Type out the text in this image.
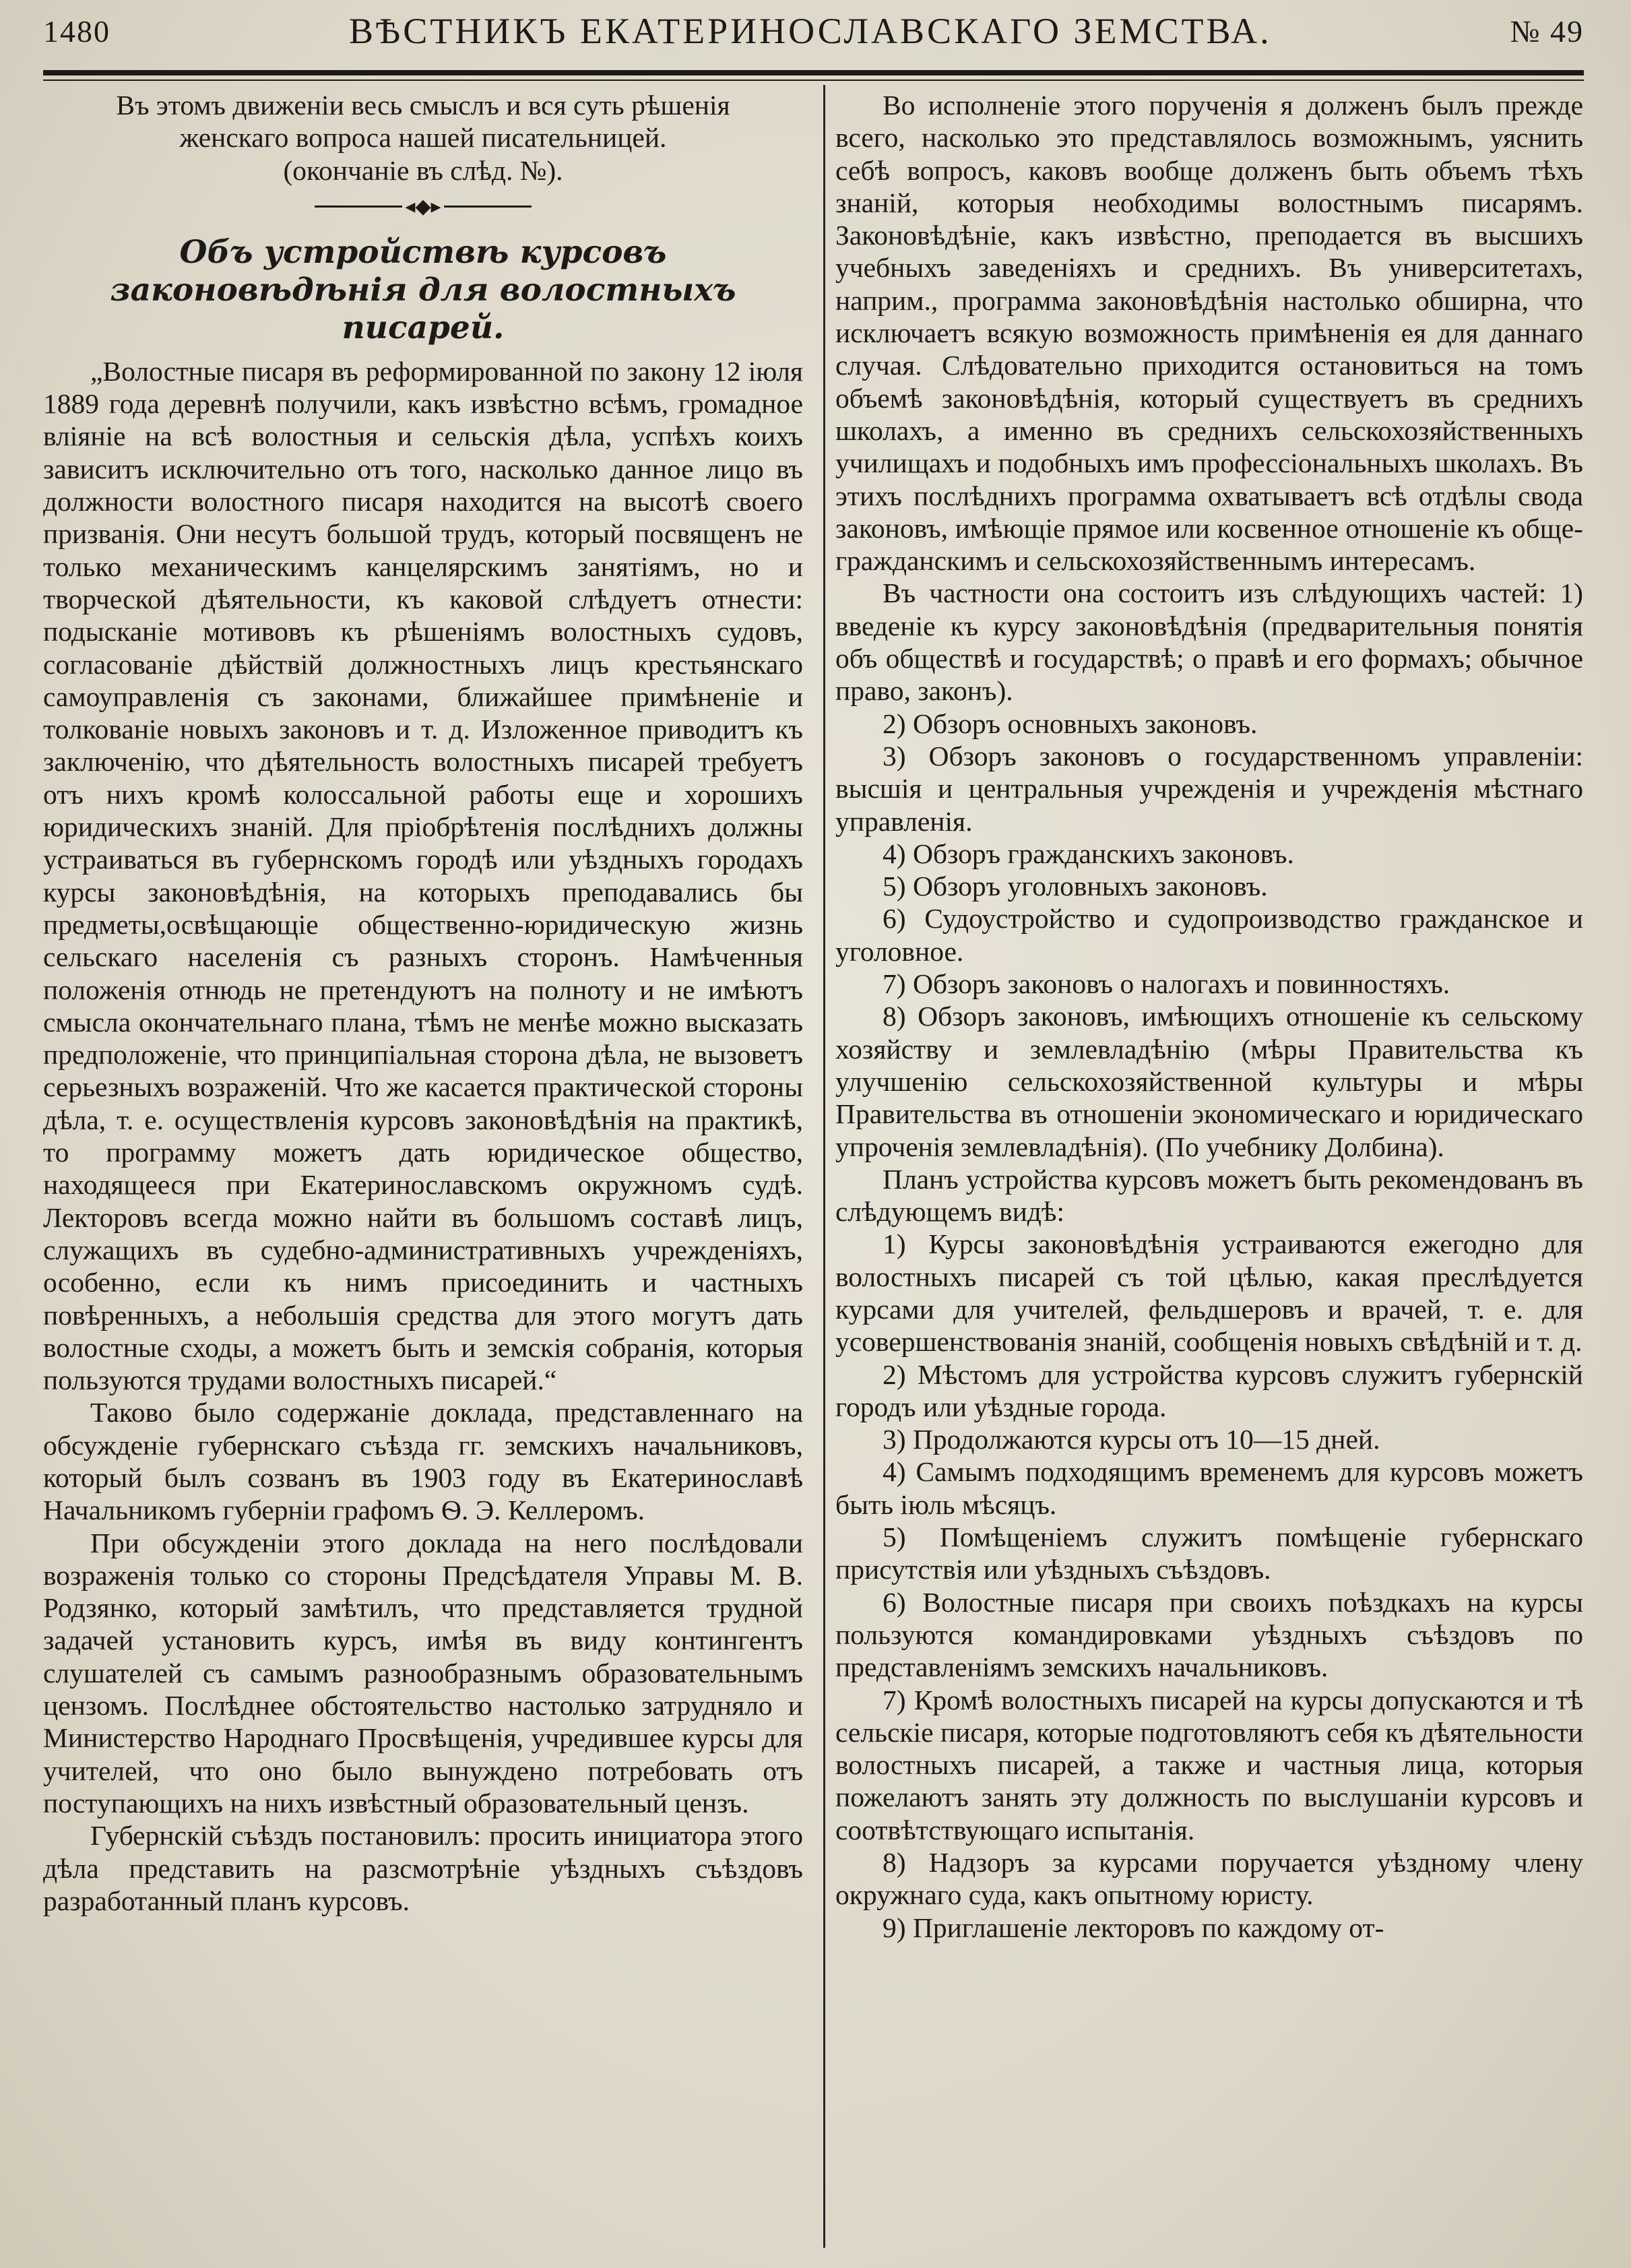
1480	ВѢСТНИКЪ ЕКАТЕРИНОСЛАВСКАГО ЗЕМСТВА.	№ 49

Въ этомъ движенiи весь смыслъ и вся суть рѣшенiя женскаго вопроса нашей писательницей.

(окончанiе въ слѣд. №).

◂◆▸
Объ устройствѣ курсовъ законовѣдѣнiя для волостныхъ писарей.

„Волостные писаря въ реформированной по закону 12 iюля 1889 года деревнѣ получили, какъ извѣстно всѣмъ, громадное влiянiе на всѣ волостныя и сельскiя дѣла, успѣхъ коихъ зависитъ исключительно отъ того, насколько данное лицо въ должности волостного писаря находится на высотѣ своего призванiя. Они несутъ большой трудъ, который посвященъ не только механическимъ канцелярскимъ занятiямъ, но и творческой дѣятельности, къ каковой слѣдуетъ отнести: подысканiе мотивовъ къ рѣшенiямъ волостныхъ судовъ, согласованiе дѣйствiй должностныхъ лицъ крестьянскаго самоуправленiя съ законами, ближайшее примѣненiе и толкованiе новыхъ законовъ и т. д. Изложенное приводитъ къ заключенiю, что дѣятельность волостныхъ писарей требуетъ отъ нихъ кромѣ колоссальной работы еще и хорошихъ юридическихъ знанiй. Для прiобрѣтенiя послѣднихъ должны устраиваться въ губернскомъ городѣ или уѣздныхъ городахъ курсы законовѣдѣнiя, на которыхъ преподавались бы предметы,освѣщающiе общественно-юридическую жизнь сельскаго населенiя съ разныхъ сторонъ. Намѣченныя положенiя отнюдь не претендуютъ на полноту и не имѣютъ смысла окончательнаго плана, тѣмъ не менѣе можно высказать предположенiе, что принципiальная сторона дѣла, не вызоветъ серьезныхъ возраженiй. Что же касается практической стороны дѣла, т. е. осуществленiя курсовъ законовѣдѣнiя на практикѣ, то программу можетъ дать юридическое общество, находящееся при Екатеринославскомъ окружномъ судѣ. Лекторовъ всегда можно найти въ большомъ составѣ лицъ, служащихъ въ судебно-административныхъ учрежденiяхъ, особенно, если къ нимъ присоединить и частныхъ повѣренныхъ, а небольшiя средства для этого могутъ дать волостные сходы, а можетъ быть и земскiя собранiя, которыя пользуются трудами волостныхъ писарей.“

Таково было содержанiе доклада, представленнаго на обсужденiе губернскаго съѣзда гг. земскихъ начальниковъ, который былъ созванъ въ 1903 году въ Екатеринославѣ Начальникомъ губернiи графомъ Ѳ. Э. Келлеромъ.

При обсужденiи этого доклада на него послѣдовали возраженiя только со стороны Предсѣдателя Управы М. В. Родзянко, который замѣтилъ, что представляется трудной задачей установить курсъ, имѣя въ виду контингентъ слушателей съ самымъ разнообразнымъ образовательнымъ цензомъ. Послѣднее обстоятельство настолько затрудняло и Министерство Народнаго Просвѣщенiя, учредившее курсы для учителей, что оно было вынуждено потребовать отъ поступающихъ на нихъ извѣстный образовательный цензъ.

Губернскiй съѣздъ постановилъ: просить инициатора этого дѣла представить на разсмотрѣнiе уѣздныхъ съѣздовъ разработанный планъ курсовъ.

Во исполненiе этого порученiя я долженъ былъ прежде всего, насколько это представлялось возможнымъ, уяснить себѣ вопросъ, каковъ вообще долженъ быть объемъ тѣхъ знанiй, которыя необходимы волостнымъ писарямъ. Законовѣдѣнiе, какъ извѣстно, преподается въ высшихъ учебныхъ заведенiяхъ и среднихъ. Въ университетахъ, наприм., программа законовѣдѣнiя настолько обширна, что исключаетъ всякую возможность примѣненiя ея для даннаго случая. Слѣдовательно приходится остановиться на томъ объемѣ законовѣдѣнiя, который существуетъ въ среднихъ школахъ, а именно въ среднихъ сельскохозяйственныхъ училищахъ и подобныхъ имъ профессiональныхъ школахъ. Въ этихъ послѣднихъ программа охватываетъ всѣ отдѣлы свода законовъ, имѣющiе прямое или косвенное отношенiе къ обще-гражданскимъ и сельскохозяйственнымъ интересамъ.

Въ частности она состоитъ изъ слѣдующихъ частей: 1) введенiе къ курсу законовѣдѣнiя (предварительныя понятiя объ обществѣ и государствѣ; о правѣ и его формахъ; обычное право, законъ).

2) Обзоръ основныхъ законовъ.

3) Обзоръ законовъ о государственномъ управленiи: высшiя и центральныя учрежденiя и учрежденiя мѣстнаго управленiя.

4) Обзоръ гражданскихъ законовъ.

5) Обзоръ уголовныхъ законовъ.

6) Судоустройство и судопроизводство гражданское и уголовное.

7) Обзоръ законовъ о налогахъ и повинностяхъ.

8) Обзоръ законовъ, имѣющихъ отношенiе къ сельскому хозяйству и землевладѣнiю (мѣры Правительства къ улучшенiю сельскохозяйственной культуры и мѣры Правительства въ отношенiи экономическаго и юридическаго упроченiя землевладѣнiя). (По учебнику Долбина).

Планъ устройства курсовъ можетъ быть рекомендованъ въ слѣдующемъ видѣ:

1) Курсы законовѣдѣнiя устраиваются ежегодно для волостныхъ писарей съ той цѣлью, какая преслѣдуется курсами для учителей, фельдшеровъ и врачей, т. е. для усовершенствованiя знанiй, сообщенiя новыхъ свѣдѣнiй и т. д.

2) Мѣстомъ для устройства курсовъ служитъ губернскiй городъ или уѣздные города.

3) Продолжаются курсы отъ 10—15 дней.

4) Самымъ подходящимъ временемъ для курсовъ можетъ быть iюль мѣсяцъ.

5) Помѣщенiемъ служитъ помѣщенiе губернскаго присутствiя или уѣздныхъ съѣздовъ.

6) Волостные писаря при своихъ поѣздкахъ на курсы пользуются командировками уѣздныхъ съѣздовъ по представленiямъ земскихъ начальниковъ.

7) Кромѣ волостныхъ писарей на курсы допускаются и тѣ сельскiе писаря, которые подготовляютъ себя къ дѣятельности волостныхъ писарей, а также и частныя лица, которыя пожелаютъ занять эту должность по выслушанiи курсовъ и соотвѣтствующаго испытанiя.

8) Надзоръ за курсами поручается уѣздному члену окружнаго суда, какъ опытному юристу.

9) Приглашенiе лекторовъ по каждому от-
